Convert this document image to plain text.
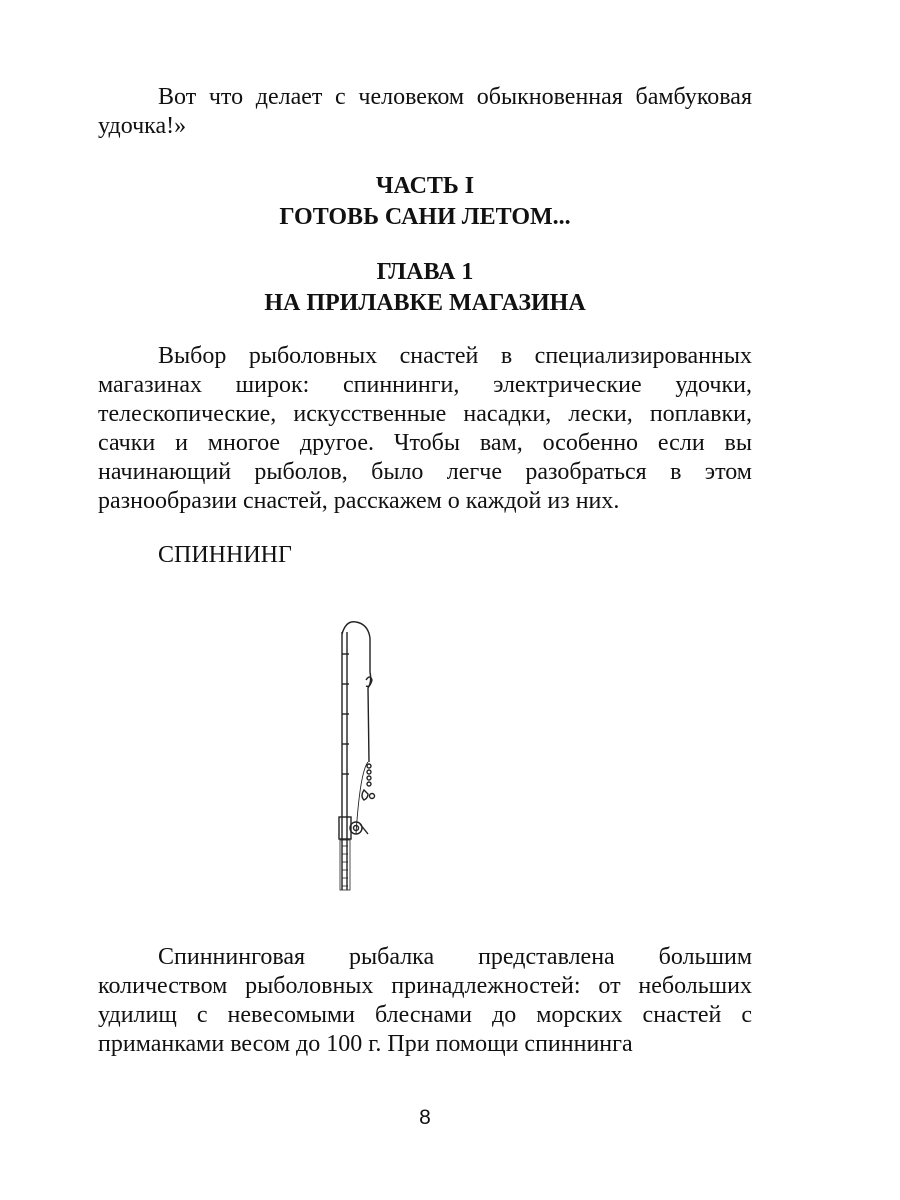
Вот что делает с человеком обыкновенная бамбуковая удочка!»

ЧАСТЬ I
ГОТОВЬ САНИ ЛЕТОМ...
ГЛАВА 1
НА ПРИЛАВКЕ МАГАЗИНА

Выбор рыболовных снастей в специализированных магазинах широк: спиннинги, электрические удочки, телескопические, искусственные насадки, лески, поплавки, сачки и многое другое. Чтобы вам, особенно если вы начинающий рыболов, было легче разобраться в этом разнообразии снастей, расскажем о каждой из них.

СПИННИНГ

Спиннинговая рыбалка представлена большим количеством рыболовных принадлежностей: от небольших удилищ с невесомыми блеснами до морских снастей с приманками весом до 100 г. При помощи спиннинга

8
